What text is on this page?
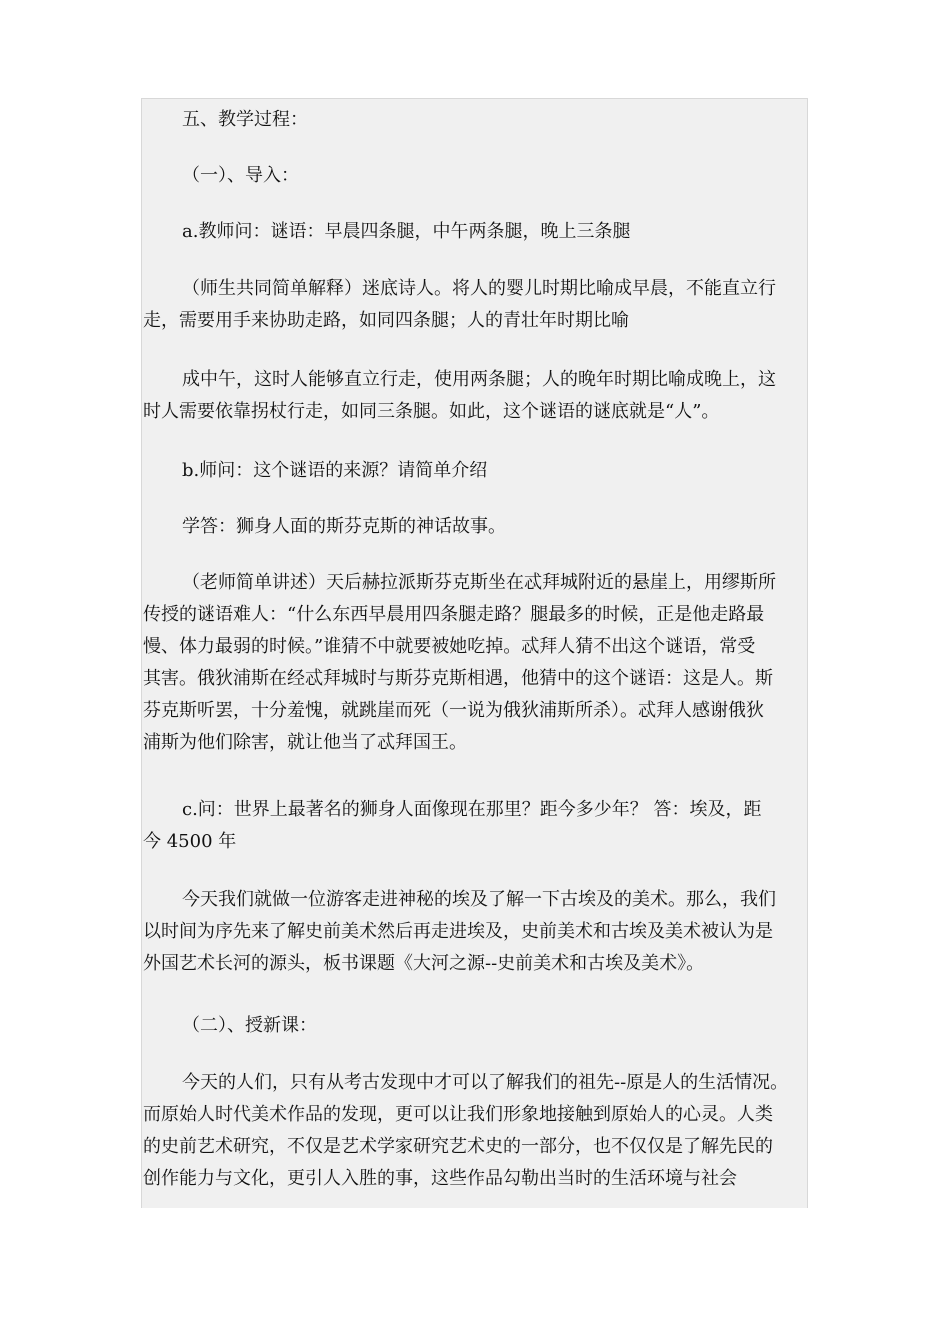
五、教学过程：
（一）、导入：
a.教师问：谜语：早晨四条腿，中午两条腿，晚上三条腿
（师生共同简单解释）迷底诗人。将人的婴儿时期比喻成早晨，不能直立行
走，需要用手来协助走路，如同四条腿；人的青壮年时期比喻
成中午，这时人能够直立行走，使用两条腿；人的晚年时期比喻成晚上，这
时人需要依靠拐杖行走，如同三条腿。如此，这个谜语的谜底就是“人”。
b.师问：这个谜语的来源？请简单介绍
学答：狮身人面的斯芬克斯的神话故事。
（老师简单讲述）天后赫拉派斯芬克斯坐在忒拜城附近的悬崖上，用缪斯所
传授的谜语难人：“什么东西早晨用四条腿走路？腿最多的时候，正是他走路最
慢、体力最弱的时候。”谁猜不中就要被她吃掉。忒拜人猜不出这个谜语，常受
其害。俄狄浦斯在经忒拜城时与斯芬克斯相遇，他猜中的这个谜语：这是人。斯
芬克斯听罢，十分羞愧，就跳崖而死（一说为俄狄浦斯所杀）。忒拜人感谢俄狄
浦斯为他们除害，就让他当了忒拜国王。
c.问：世界上最著名的狮身人面像现在那里？距今多少年？ 答：埃及，距
今 4500 年
今天我们就做一位游客走进神秘的埃及了解一下古埃及的美术。那么，我们
以时间为序先来了解史前美术然后再走进埃及，史前美术和古埃及美术被认为是
外国艺术长河的源头，板书课题《大河之源--史前美术和古埃及美术》。
（二）、授新课：
今天的人们，只有从考古发现中才可以了解我们的祖先--原是人的生活情况。
而原始人时代美术作品的发现，更可以让我们形象地接触到原始人的心灵。人类
的史前艺术研究，不仅是艺术学家研究艺术史的一部分，也不仅仅是了解先民的
创作能力与文化，更引人入胜的事，这些作品勾勒出当时的生活环境与社会
